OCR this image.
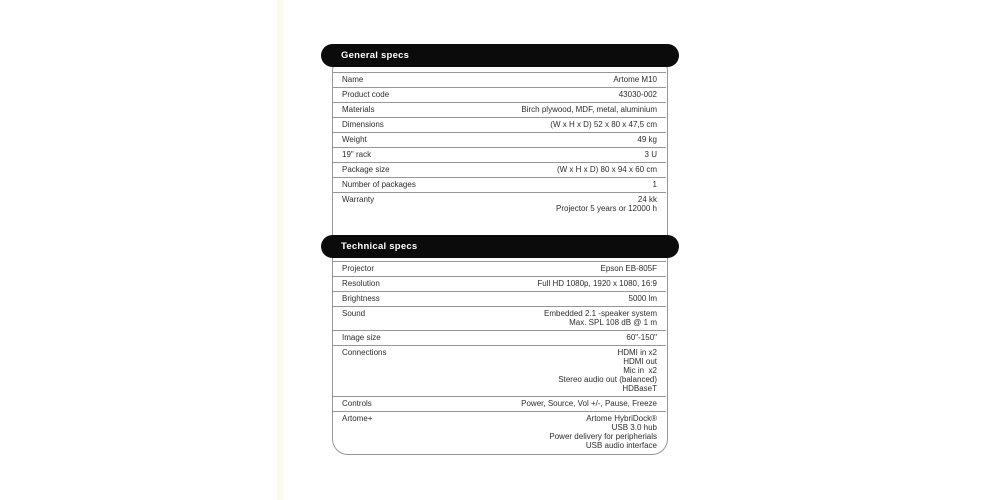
General specs
Name	Artome M10
Product code	43030-002
Materials	Birch plywood, MDF, metal, aluminium
Dimensions	(W x H x D) 52 x 80 x 47,5 cm
Weight	49 kg
19" rack	3 U
Package size	(W x H x D) 80 x 94 x 60 cm
Number of packages	1
Warranty	24 kk
Projector 5 years or 12000 h
Technical specs
Projector	Epson EB-805F
Resolution	Full HD 1080p, 1920 x 1080, 16:9
Brightness	5000 lm
Sound	Embedded 2.1 -speaker system
Max. SPL 108 dB @ 1 m
Image size	60"-150"
Connections	HDMI in x2
HDMI out
Mic in  x2
Stereo audio out (balanced)
HDBaseT
Controls	Power, Source, Vol +/-, Pause, Freeze
Artome+	Artome HybriDock®
USB 3.0 hub
Power delivery for peripherials
USB audio interface
